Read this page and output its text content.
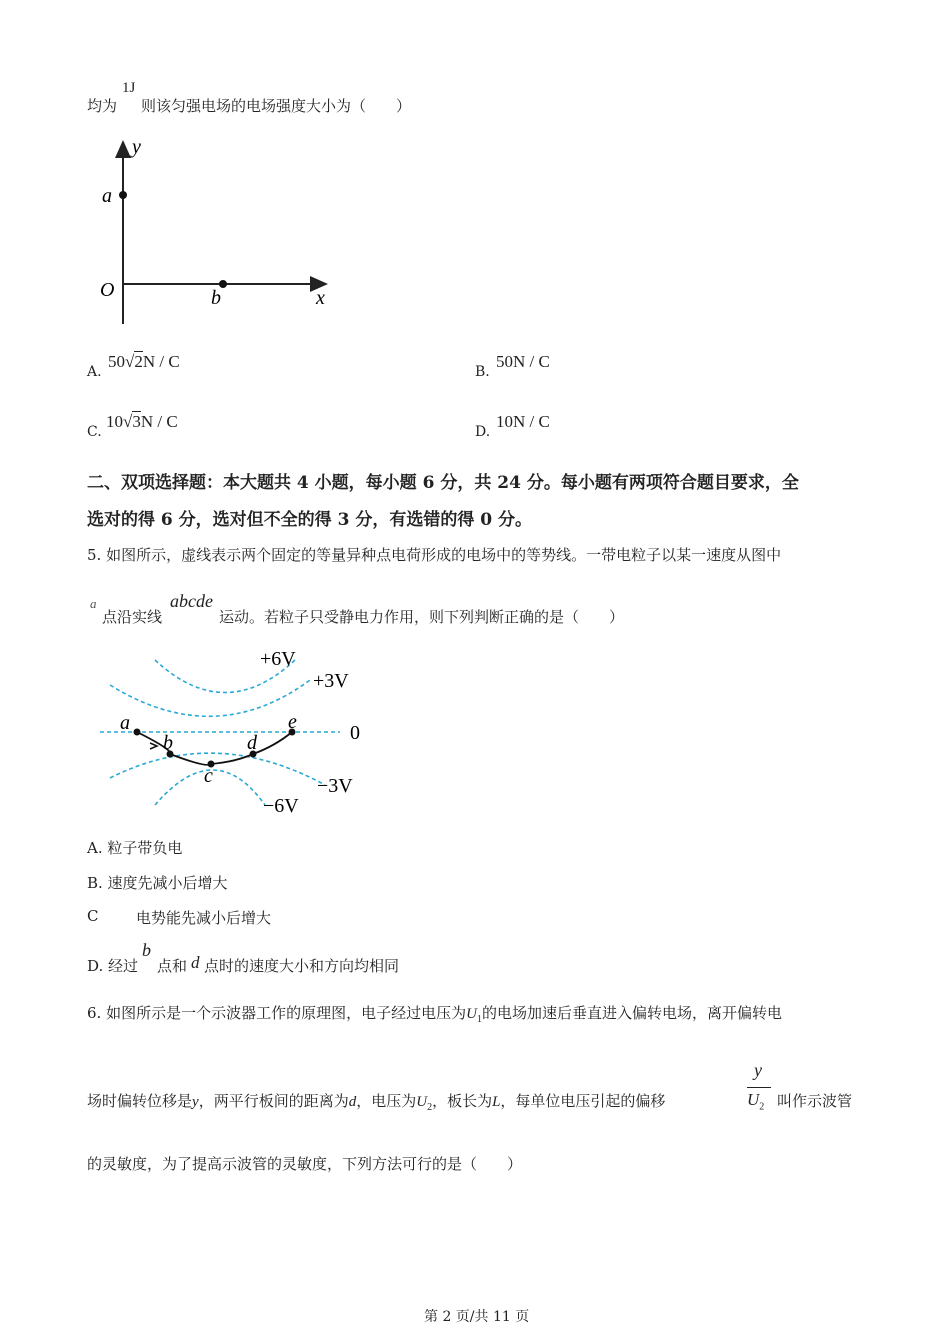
均为
1J
则该匀强电场的电场强度大小为（　　）
y
x
O
a
b
A.
50√2N / C
B.
50N / C
C.
10√3N / C
D.
10N / C
二、双项选择题：本大题共 4 小题，每小题 6 分，共 24 分。每小题有两项符合题目要求，全
选对的得 6 分，选对但不全的得 3 分，有选错的得 0 分。
5. 如图所示，虚线表示两个固定的等量异种点电荷形成的电场中的等势线。一带电粒子以某一速度从图中
a
点沿实线
abcde
运动。若粒子只受静电力作用，则下列判断正确的是（　　）
a
b
c
d
e
+6V
+3V
0
−3V
−6V
A. 粒子带负电
B. 速度先减小后增大
C	电势能先减小后增大
D. 经过
b
点和 d 点时的速度大小和方向均相同
6. 如图所示是一个示波器工作的原理图，电子经过电压为$U_1$的电场加速后垂直进入偏转电场，离开偏转电
场时偏转位移是y，两平行板间的距离为d，电压为$U_2$，板长为L，每单位电压引起的偏移
y
$U_2$ 叫作示波管
的灵敏度，为了提高示波管的灵敏度，下列方法可行的是（　　）
第 2 页/共 11 页
